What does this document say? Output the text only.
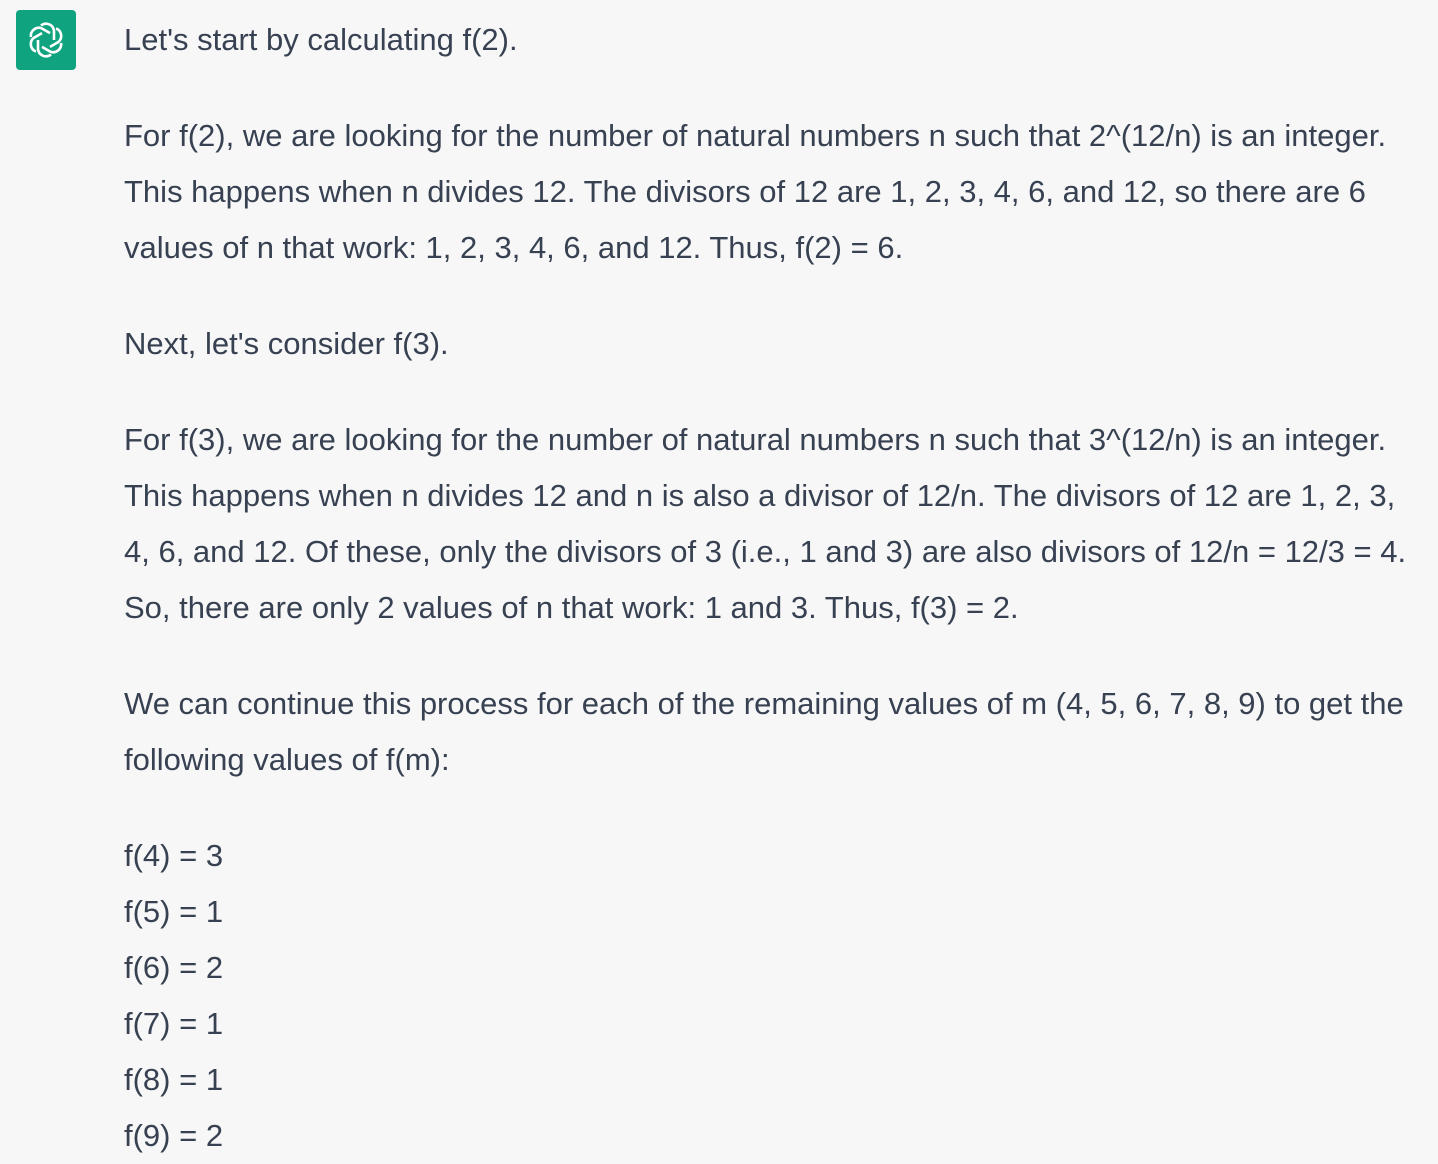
Let's start by calculating f(2).

For f(2), we are looking for the number of natural numbers n such that 2^(12/n) is an integer. This happens when n divides 12. The divisors of 12 are 1, 2, 3, 4, 6, and 12, so there are 6 values of n that work: 1, 2, 3, 4, 6, and 12. Thus, f(2) = 6.

Next, let's consider f(3).

For f(3), we are looking for the number of natural numbers n such that 3^(12/n) is an integer. This happens when n divides 12 and n is also a divisor of 12/n. The divisors of 12 are 1, 2, 3, 4, 6, and 12. Of these, only the divisors of 3 (i.e., 1 and 3) are also divisors of 12/n = 12/3 = 4. So, there are only 2 values of n that work: 1 and 3. Thus, f(3) = 2.

We can continue this process for each of the remaining values of m (4, 5, 6, 7, 8, 9) to get the following values of f(m):

f(4) = 3

f(5) = 1

f(6) = 2

f(7) = 1

f(8) = 1

f(9) = 2
